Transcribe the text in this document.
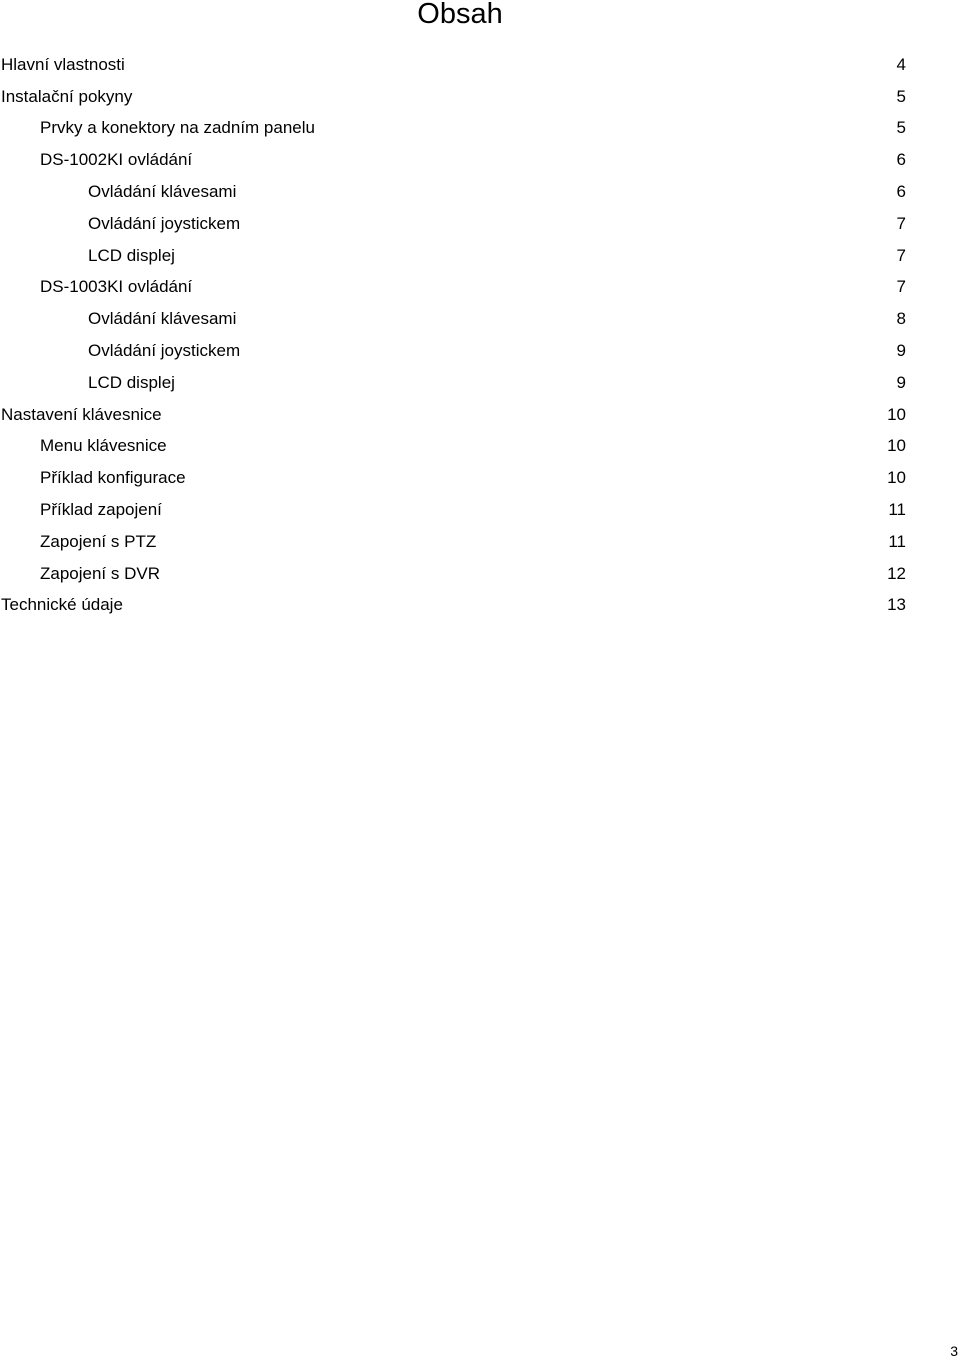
Obsah
Hlavní vlastnosti	4
Instalační pokyny	5
Prvky a konektory na zadním panelu	5
DS-1002KI ovládání	6
Ovládání klávesami	6
Ovládání joystickem	7
LCD displej	7
DS-1003KI ovládání	7
Ovládání klávesami	8
Ovládání joystickem	9
LCD displej	9
Nastavení klávesnice	10
Menu klávesnice	10
Příklad konfigurace	10
Příklad zapojení	11
Zapojení s PTZ	11
Zapojení s DVR	12
Technické údaje	13
3
